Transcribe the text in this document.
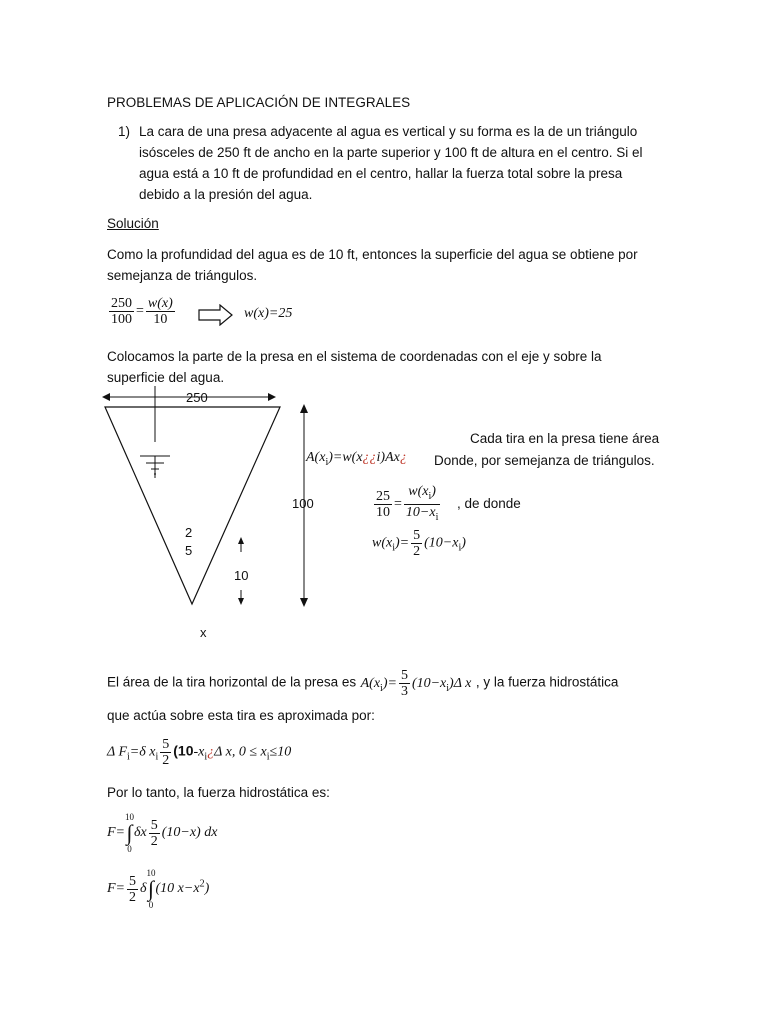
PROBLEMAS DE APLICACIÓN DE INTEGRALES
1) La cara de una presa adyacente al agua es vertical y su forma es la de un triángulo
isósceles de 250 ft de ancho en la parte superior y 100 ft de altura en el centro. Si el
agua está a 10 ft de profundidad en el centro, hallar la fuerza total sobre la presa
debido a la presión del agua.
Solución
Como la profundidad del agua es de 10 ft, entonces la superficie del agua se obtiene por
semejanza de triángulos.
$\frac{250}{100} = \frac{w(x)}{10}$	w(x)=25
Colocamos la parte de la presa en el sistema de coordenadas con el eje y sobre la
superficie del agua.
250
100
2
5
10
x
Cada tira en la presa tiene área
$A(x_i)=w(x¿¿i)Ax¿$ Donde, por semejanza de triángulos.
$\frac{25}{10} = \frac{w(x_i)}{10-x_i}$ , de donde
$w(x_i)= \frac{5}{2} (10-x_i)$
El área de la tira horizontal de la presa es $A(x_i)= \frac{5}{3} (10-x_i)\Delta$ x , y la fuerza hidrostática
que actúa sobre esta tira es aproximada por:
Δ $F_i=\delta$ $x_i \frac{5}{2}$ ($10-x_i¿\Delta$ x, $0 \le x_i\le 10$
Por lo tanto, la fuerza hidrostática es:
F=
10
∫
0
δx $\frac{5}{2} (10-x)$ dx
$F= \frac{5}{2}$ δ
10
∫
0
(10 $x-x^2$)
